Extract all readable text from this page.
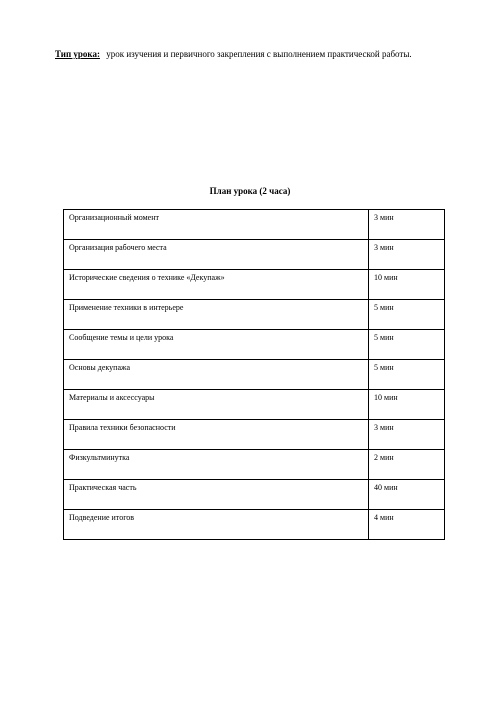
Тип урока: урок изучения и первичного закрепления с выполнением практической работы.
План урока (2 часа)
Организационный момент	3 мин
Организация рабочего места	3 мин
Исторические сведения о технике «Декупаж»	10 мин
Применение техники в интерьере	5 мин
Сообщение темы и цели урока	5 мин
Основы декупажа	5 мин
Материалы и аксессуары	10 мин
Правила техники безопасности	3 мин
Физкультминутка	2 мин
Практическая часть	40 мин
Подведение итогов	4 мин
